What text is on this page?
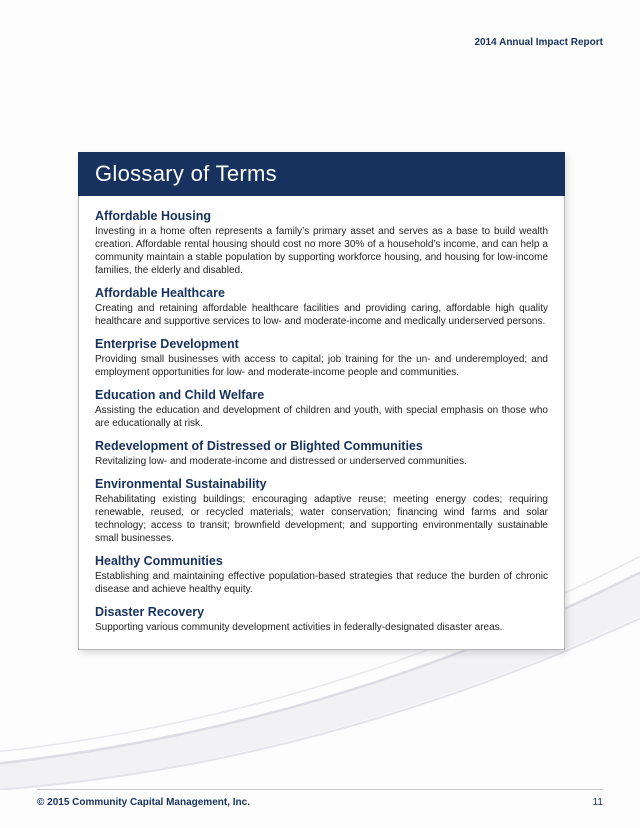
2014 Annual Impact Report
Glossary of Terms
Affordable Housing
Investing in a home often represents a family’s primary asset and serves as a base to build wealth creation. Affordable rental housing should cost no more 30% of a household’s income, and can help a community maintain a stable population by supporting workforce housing, and housing for low-income families, the elderly and disabled.
Affordable Healthcare
Creating and retaining affordable healthcare facilities and providing caring, affordable high quality healthcare and supportive services to low- and moderate-income and medically underserved persons.
Enterprise Development
Providing small businesses with access to capital; job training for the un- and underemployed; and employment opportunities for low- and moderate-income people and communities.
Education and Child Welfare
Assisting the education and development of children and youth, with special emphasis on those who are educationally at risk.
Redevelopment of Distressed or Blighted Communities
Revitalizing low- and moderate-income and distressed or underserved communities.
Environmental Sustainability
Rehabilitating existing buildings; encouraging adaptive reuse; meeting energy codes; requiring renewable, reused, or recycled materials; water conservation; financing wind farms and solar technology; access to transit; brownfield development; and supporting environmentally sustainable small businesses.
Healthy Communities
Establishing and maintaining effective population-based strategies that reduce the burden of chronic disease and achieve healthy equity.
Disaster Recovery
Supporting various community development activities in federally-designated disaster areas.
© 2015 Community Capital Management, Inc.	11
